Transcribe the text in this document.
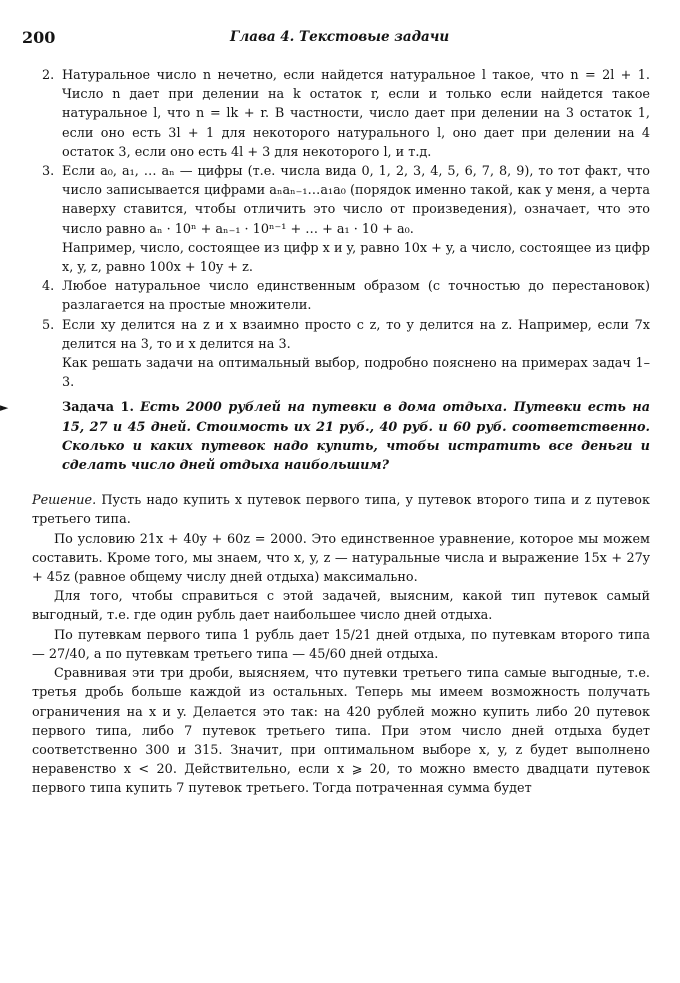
200	Глава 4. Текстовые задачи
2. Натуральное число n нечетно, если найдется натуральное l такое, что n = 2l + 1. Число n дает при делении на k остаток r, если и только если найдется такое натуральное l, что n = lk + r. В частности, число дает при делении на 3 остаток 1, если оно есть 3l + 1 для некоторого натурального l, оно дает при делении на 4 остаток 3, если оно есть 4l + 3 для некоторого l, и т.д.
3. Если a₀, a₁, … aₙ — цифры (т.е. числа вида 0, 1, 2, 3, 4, 5, 6, 7, 8, 9), то тот факт, что число записывается цифрами aₙaₙ₋₁…a₁a₀ (порядок именно такой, как у меня, а черта наверху ставится, чтобы отличить это число от произведения), означает, что это число равно aₙ · 10ⁿ + aₙ₋₁ · 10ⁿ⁻¹ + … + a₁ · 10 + a₀.
Например, число, состоящее из цифр x и y, равно 10x + y, а число, состоящее из цифр x, y, z, равно 100x + 10y + z.
4. Любое натуральное число единственным образом (с точностью до перестановок) разлагается на простые множители.
5. Если xy делится на z и x взаимно просто с z, то y делится на z. Например, если 7x делится на 3, то и x делится на 3.

Как решать задачи на оптимальный выбор, подробно пояснено на примерах задач 1–3.

►	Задача 1. Есть 2000 рублей на путевки в дома отдыха. Путевки есть на 15, 27 и 45 дней. Стоимость их 21 руб., 40 руб. и 60 руб. соответственно. Сколько и каких путевок надо купить, чтобы истратить все деньги и сделать число дней отдыха наибольшим?

Решение. Пусть надо купить x путевок первого типа, y путевок второго типа и z путевок третьего типа.

По условию 21x + 40y + 60z = 2000. Это единственное уравнение, которое мы можем составить. Кроме того, мы знаем, что x, y, z — натуральные числа и выражение 15x + 27y + 45z (равное общему числу дней отдыха) максимально.

Для того, чтобы справиться с этой задачей, выясним, какой тип путевок самый выгодный, т.е. где один рубль дает наибольшее число дней отдыха.

По путевкам первого типа 1 рубль дает 15/21 дней отдыха, по путевкам второго типа — 27/40, а по путевкам третьего типа — 45/60 дней отдыха.

Сравнивая эти три дроби, выясняем, что путевки третьего типа самые выгодные, т.е. третья дробь больше каждой из остальных. Теперь мы имеем возможность получать ограничения на x и y. Делается это так: на 420 рублей можно купить либо 20 путевок первого типа, либо 7 путевок третьего типа. При этом число дней отдыха будет соответственно 300 и 315. Значит, при оптимальном выборе x, y, z будет выполнено неравенство x < 20. Действительно, если x ⩾ 20, то можно вместо двадцати путевок первого типа купить 7 путевок третьего. Тогда потраченная сумма будет
